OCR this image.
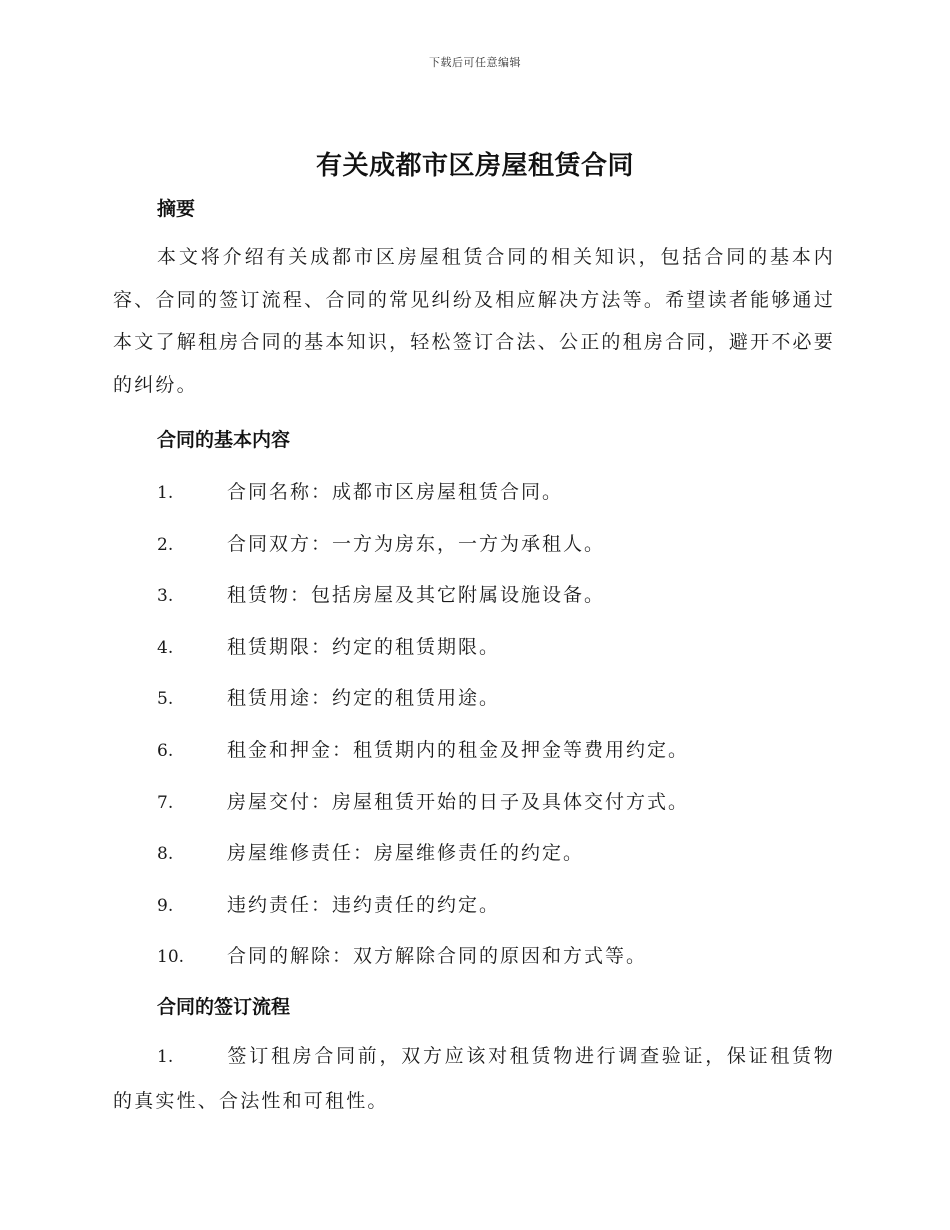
下载后可任意编辑
有关成都市区房屋租赁合同
摘要
本文将介绍有关成都市区房屋租赁合同的相关知识，包括合同的基本内容、合同的签订流程、合同的常见纠纷及相应解决方法等。希望读者能够通过本文了解租房合同的基本知识，轻松签订合法、公正的租房合同，避开不必要的纠纷。
合同的基本内容
1.	合同名称：成都市区房屋租赁合同。
2.	合同双方：一方为房东，一方为承租人。
3.	租赁物：包括房屋及其它附属设施设备。
4.	租赁期限：约定的租赁期限。
5.	租赁用途：约定的租赁用途。
6.	租金和押金：租赁期内的租金及押金等费用约定。
7.	房屋交付：房屋租赁开始的日子及具体交付方式。
8.	房屋维修责任：房屋维修责任的约定。
9.	违约责任：违约责任的约定。
10. 合同的解除：双方解除合同的原因和方式等。
合同的签订流程
1.	签订租房合同前，双方应该对租赁物进行调查验证，保证租赁物的真实性、合法性和可租性。
